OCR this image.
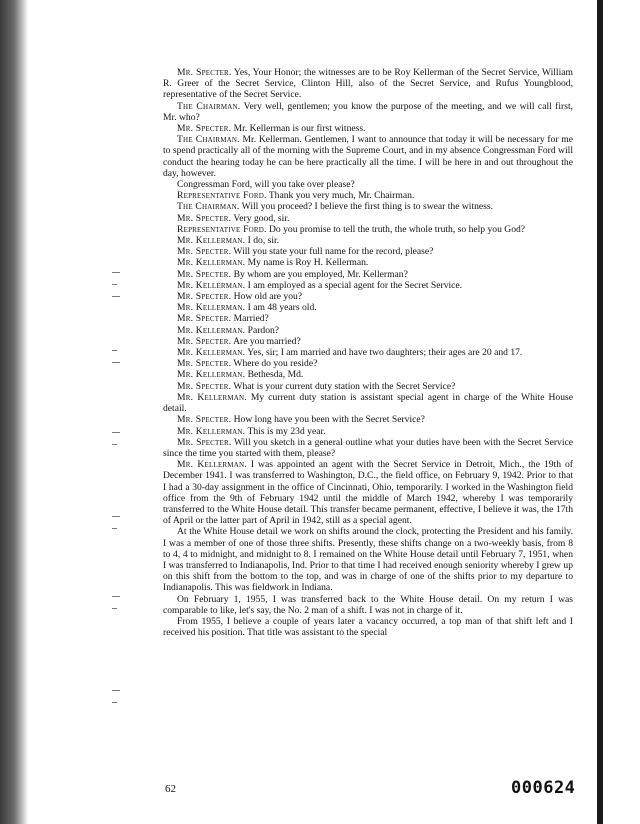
Mr. Specter. Yes, Your Honor; the witnesses are to be Roy Kellerman of the Secret Service, William R. Greer of the Secret Service, Clinton Hill, also of the Secret Service, and Rufus Youngblood, representative of the Secret Service.

The Chairman. Very well, gentlemen; you know the purpose of the meeting, and we will call first, Mr. who?

Mr. Specter. Mr. Kellerman is our first witness.

The Chairman. Mr. Kellerman. Gentlemen, I want to announce that today it will be necessary for me to spend practically all of the morning with the Supreme Court, and in my absence Congressman Ford will conduct the hearing today he can be here practically all the time. I will be here in and out throughout the day, however.

Congressman Ford, will you take over please?

Representative Ford. Thank you very much, Mr. Chairman.

The Chairman. Will you proceed? I believe the first thing is to swear the witness.

Mr. Specter. Very good, sir.

Representative Ford. Do you promise to tell the truth, the whole truth, so help you God?

Mr. Kellerman. I do, sir.

Mr. Specter. Will you state your full name for the record, please?

Mr. Kellerman. My name is Roy H. Kellerman.

Mr. Specter. By whom are you employed, Mr. Kellerman?

Mr. Kellerman. I am employed as a special agent for the Secret Service.

Mr. Specter. How old are you?

Mr. Kellerman. I am 48 years old.

Mr. Specter. Married?

Mr. Kellerman. Pardon?

Mr. Specter. Are you married?

Mr. Kellerman. Yes, sir; I am married and have two daughters; their ages are 20 and 17.

Mr. Specter. Where do you reside?

Mr. Kellerman. Bethesda, Md.

Mr. Specter. What is your current duty station with the Secret Service?

Mr. Kellerman. My current duty station is assistant special agent in charge of the White House detail.

Mr. Specter. How long have you been with the Secret Service?

Mr. Kellerman. This is my 23d year.

Mr. Specter. Will you sketch in a general outline what your duties have been with the Secret Service since the time you started with them, please?

Mr. Kellerman. I was appointed an agent with the Secret Service in Detroit, Mich., the 19th of December 1941. I was transferred to Washington, D.C., the field office, on February 9, 1942. Prior to that I had a 30-day assignment in the office of Cincinnati, Ohio, temporarily. I worked in the Washington field office from the 9th of February 1942 until the middle of March 1942, whereby I was temporarily transferred to the White House detail. This transfer became permanent, effective, I believe it was, the 17th of April or the latter part of April in 1942, still as a special agent.

At the White House detail we work on shifts around the clock, protecting the President and his family. I was a member of one of those three shifts. Presently, these shifts change on a two-weekly basis, from 8 to 4, 4 to midnight, and midnight to 8. I remained on the White House detail until February 7, 1951, when I was transferred to Indianapolis, Ind. Prior to that time I had received enough seniority whereby I grew up on this shift from the bottom to the top, and was in charge of one of the shifts prior to my departure to Indianapolis. This was fieldwork in Indiana.

On February 1, 1955, I was transferred back to the White House detail. On my return I was comparable to like, let's say, the No. 2 man of a shift. I was not in charge of it.

From 1955, I believe a couple of years later a vacancy occurred, a top man of that shift left and I received his position. That title was assistant to the special

62	000624
